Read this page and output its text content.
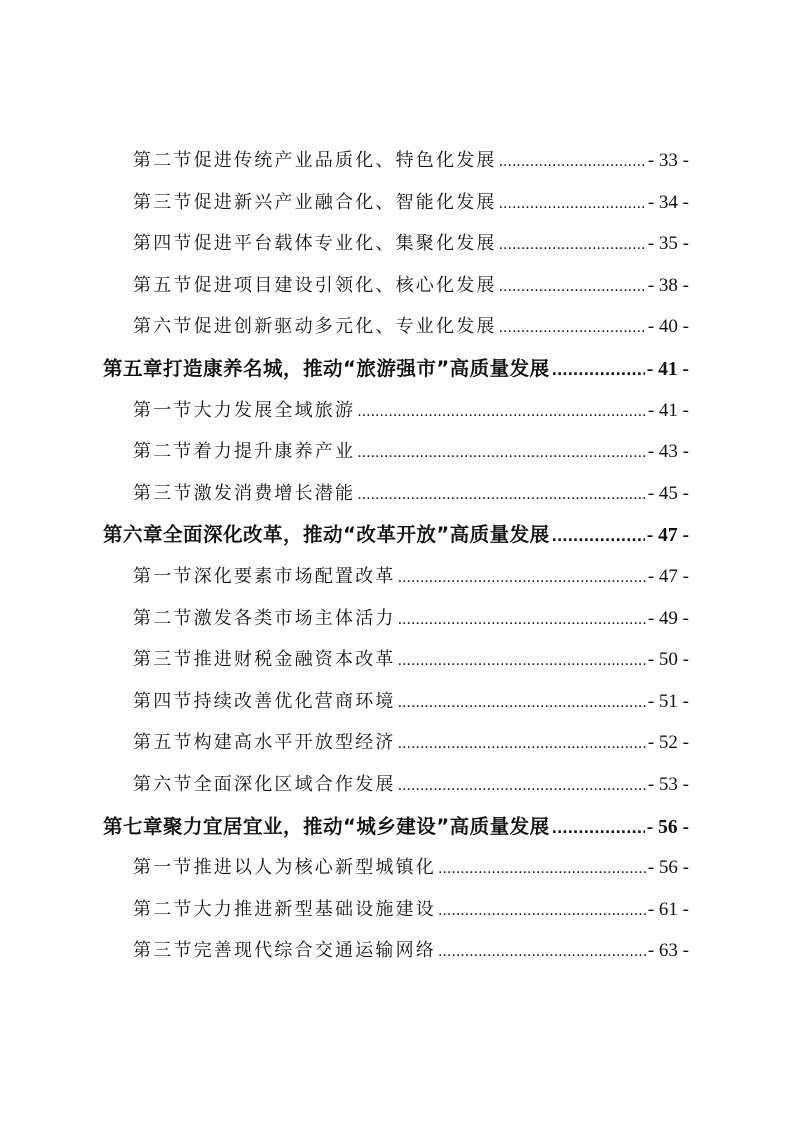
第二节 促进传统产业品质化、特色化发展 .....	- 33 -
第三节 促进新兴产业融合化、智能化发展 .....	- 34 -
第四节 促进平台载体专业化、集聚化发展 .....	- 35 -
第五节 促进项目建设引领化、核心化发展 .....	- 38 -
第六节 促进创新驱动多元化、专业化发展 .....	- 40 -
第五章 打造康养名城，推动“旅游强市”高质量发展 .....	- 41 -
第一节 大力发展全域旅游 .....	- 41 -
第二节 着力提升康养产业 .....	- 43 -
第三节 激发消费增长潜能 .....	- 45 -
第六章 全面深化改革，推动“改革开放”高质量发展 .....	- 47 -
第一节 深化要素市场配置改革 .....	- 47 -
第二节 激发各类市场主体活力 .....	- 49 -
第三节 推进财税金融资本改革 .....	- 50 -
第四节 持续改善优化营商环境 .....	- 51 -
第五节 构建高水平开放型经济 .....	- 52 -
第六节 全面深化区域合作发展 .....	- 53 -
第七章 聚力宜居宜业，推动“城乡建设”高质量发展 .....	- 56 -
第一节 推进以人为核心新型城镇化 .....	- 56 -
第二节 大力推进新型基础设施建设 .....	- 61 -
第三节 完善现代综合交通运输网络 .....	- 63 -
